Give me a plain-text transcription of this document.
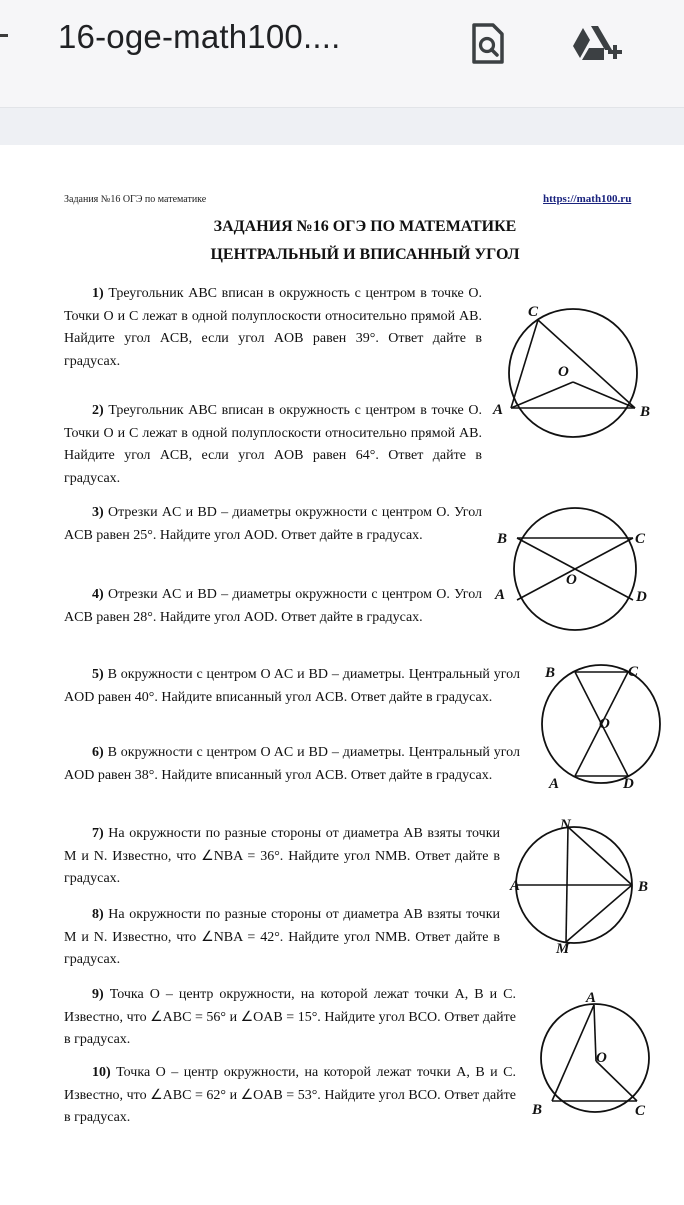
16-oge-math100....
Задания №16 ОГЭ по математике	https://math100.ru
ЗАДАНИЯ №16 ОГЭ ПО МАТЕМАТИКЕ
ЦЕНТРАЛЬНЫЙ И ВПИСАННЫЙ УГОЛ
1) Треугольник ABC вписан в окружность с центром в точке O. Точки O и C лежат в одной полуплоскости относительно прямой AB. Найдите угол ACB, если угол AOB равен 39°. Ответ дайте в градусах.
2) Треугольник ABC вписан в окружность с центром в точке O. Точки O и C лежат в одной полуплоскости относительно прямой AB. Найдите угол ACB, если угол AOB равен 64°. Ответ дайте в градусах.
3) Отрезки AC и BD – диаметры окружности с центром O. Угол ACB равен 25°. Найдите угол AOD. Ответ дайте в градусах.
4) Отрезки AC и BD – диаметры окружности с центром O. Угол ACB равен 28°. Найдите угол AOD. Ответ дайте в градусах.
5) В окружности с центром O AC и BD – диаметры. Центральный угол AOD равен 40°. Найдите вписанный угол ACB. Ответ дайте в градусах.
6) В окружности с центром O AC и BD – диаметры. Центральный угол AOD равен 38°. Найдите вписанный угол ACB. Ответ дайте в градусах.
7) На окружности по разные стороны от диаметра AB взяты точки M и N. Известно, что ∠NBA = 36°. Найдите угол NMB. Ответ дайте в градусах.
8) На окружности по разные стороны от диаметра AB взяты точки M и N. Известно, что ∠NBA = 42°. Найдите угол NMB. Ответ дайте в градусах.
9) Точка O – центр окружности, на которой лежат точки A, B и C. Известно, что ∠ABC = 56° и ∠OAB = 15°. Найдите угол BCO. Ответ дайте в градусах.
10) Точка O – центр окружности, на которой лежат точки A, B и C. Известно, что ∠ABC = 62° и ∠OAB = 53°. Найдите угол BCO. Ответ дайте в градусах.
A	B
C
O
B	C
A	D
O
B	C
A	D
O
N
A	B
M
A
O
B	C
